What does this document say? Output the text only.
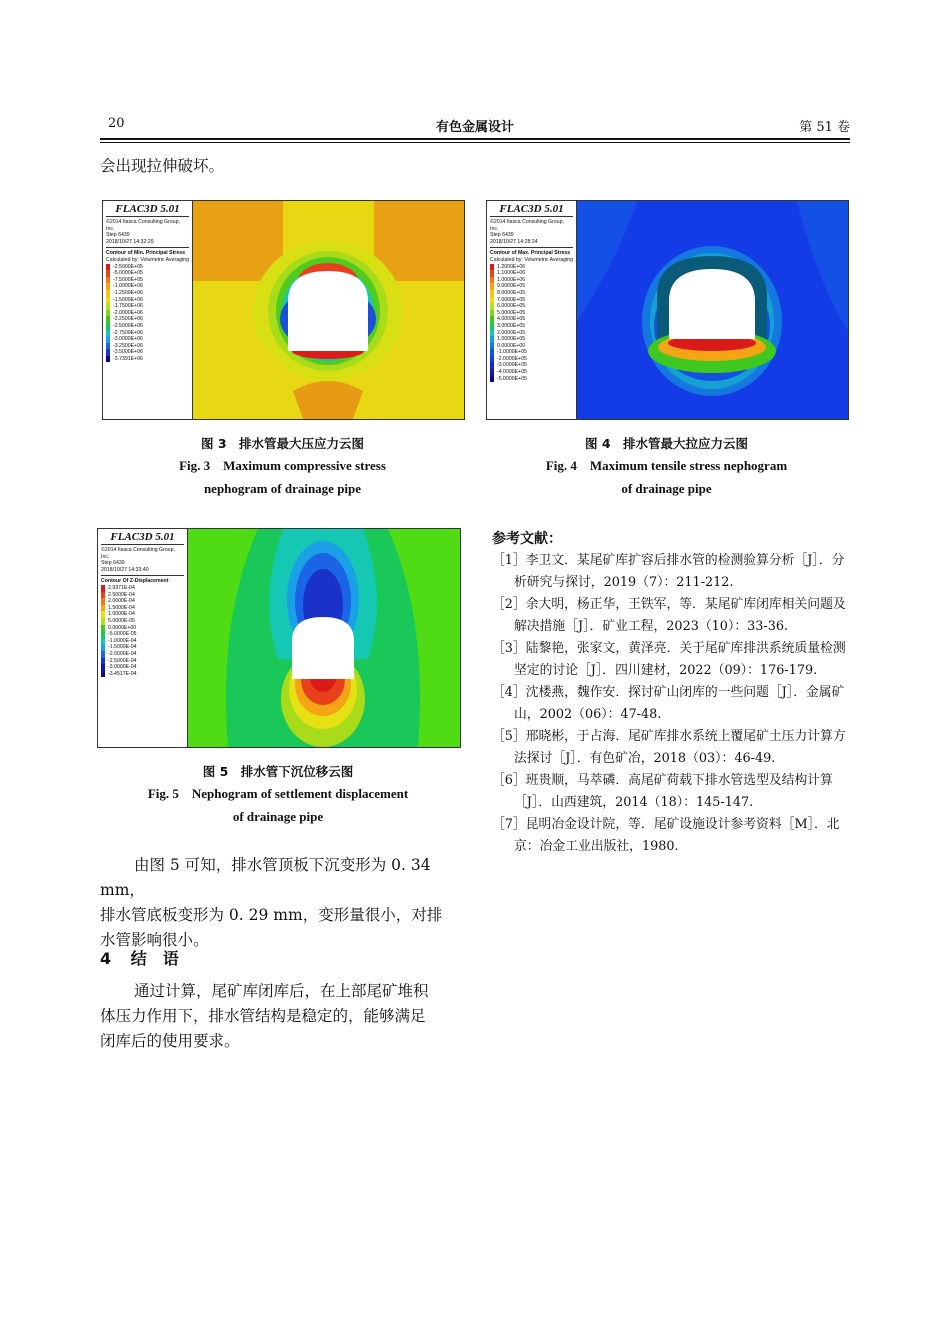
20	有色金属设计	第 51 卷
会出现拉伸破坏。
FLAC3D 5.01
©2014 Itasca Consulting Group, Inc.
Step 6439
2018/10/27 14:32:29
Contour of Min. Principal Stress
Calculated by: Volumetric Averaging
-2.5000E+05
-5.0000E+05
-7.5000E+05
-1.0000E+06
-1.2500E+06
-1.5000E+06
-1.7500E+06
-2.0000E+06
-2.2500E+06
-2.5000E+06
-2.7500E+06
-3.0000E+06
-3.2500E+06
-3.5000E+06
-3.7391E+06
FLAC3D 5.01
©2014 Itasca Consulting Group, Inc.
Step 6439
2018/10/27 14:28:24
Contour of Max. Principal Stress
Calculated by: Volumetric Averaging
1.2000E+06
1.1000E+06
1.0000E+06
9.0000E+05
8.0000E+05
7.0000E+05
6.0000E+05
5.0000E+05
4.0000E+05
3.0000E+05
2.0000E+05
1.0000E+05
0.0000E+00
-1.0000E+05
-2.0000E+05
-3.0000E+05
-4.0000E+05
-5.0000E+05
图 3　排水管最大压应力云图
Fig. 3　Maximum compressive stress
nephogram of drainage pipe
图 4　排水管最大拉应力云图
Fig. 4　Maximum tensile stress nephogram
of drainage pipe
FLAC3D 5.01
©2014 Itasca Consulting Group, Inc.
Step 6439
2018/10/27 14:33:40
Contour Of Z-Displacement
2.9371E-04
2.5000E-04
2.0000E-04
1.5000E-04
1.0000E-04
5.0000E-05
0.0000E+00
-5.0000E-05
-1.0000E-04
-1.5000E-04
-2.0000E-04
-2.5000E-04
-3.0000E-04
-3.4517E-04
图 5　排水管下沉位移云图
Fig. 5　Nephogram of settlement displacement
of drainage pipe
由图 5 可知，排水管顶板下沉变形为 0. 34 mm，
排水管底板变形为 0. 29 mm，变形量很小，对排
水管影响很小。
4 结　语
通过计算，尾矿库闭库后，在上部尾矿堆积
体压力作用下，排水管结构是稳定的，能够满足
闭库后的使用要求。
参考文献：
［1］李卫文．某尾矿库扩容后排水管的检测验算分析［J］．分析研究与探讨，2019（7）：211-212.
［2］余大明，杨正华，王铁军，等．某尾矿库闭库相关问题及解决措施［J］．矿业工程，2023（10）：33-36.
［3］陆黎艳，张家文，黄泽亮．关于尾矿库排洪系统质量检测坚定的讨论［J］．四川建材，2022（09）：176-179.
［4］沈楼燕，魏作安．探讨矿山闭库的一些问题［J］．金属矿山，2002（06）：47-48.
［5］邢晓彬，于占海．尾矿库排水系统上覆尾矿土压力计算方法探讨［J］．有色矿冶，2018（03）：46-49.
［6］班贵顺，马萃磷．高尾矿荷载下排水管选型及结构计算［J］．山西建筑，2014（18）：145-147.
［7］昆明冶金设计院，等．尾矿设施设计参考资料［M］．北京：冶金工业出版社，1980.
